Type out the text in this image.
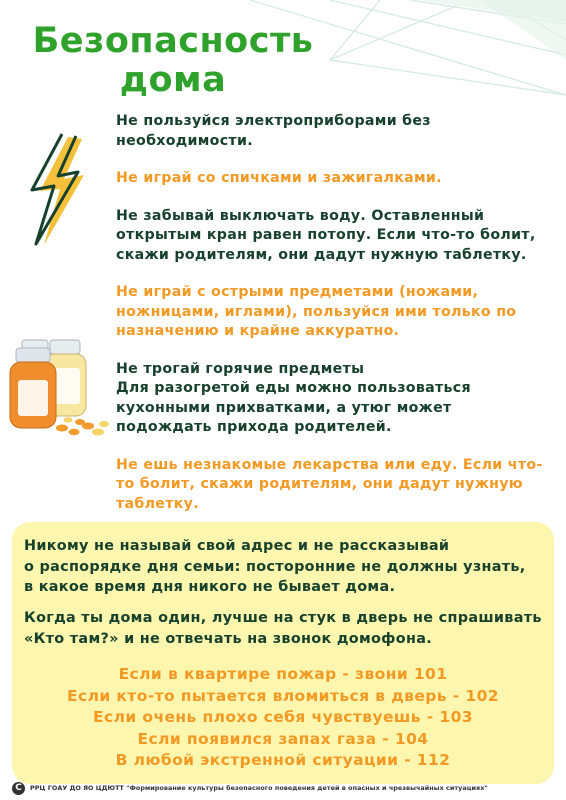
Безопасность
дома

Не пользуйся электроприборами без
необходимости.

Не играй со спичками и зажигалками.

Не забывай выключать воду. Оставленный
открытым кран равен потопу. Если что-то болит,
скажи родителям, они дадут нужную таблетку.

Не играй с острыми предметами (ножами,
ножницами, иглами), пользуйся ими только по
назначению и крайне аккуратно.

Не трогай горячие предметы
Для разогретой еды можно пользоваться
кухонными прихватками, а утюг может
подождать прихода родителей.

Не ешь незнакомые лекарства или еду. Если что-
то болит, скажи родителям, они дадут нужную
таблетку.

Никому не называй свой адрес и не рассказывай
о распорядке дня семьи: посторонние не должны узнать,
в какое время дня никого не бывает дома.

Когда ты дома один, лучше на стук в дверь не спрашивать
«Кто там?» и не отвечать на звонок домофона.

Если в квартире пожар - звони 101
Если кто-то пытается вломиться в дверь - 102
Если очень плохо себя чувствуешь - 103
Если появился запах газа - 104
В любой экстренной ситуации - 112
С	РРЦ ГОАУ ДО ЯО ЦДЮТТ "Формирование культуры безопасного поведения детей в опасных и чрезвычайных ситуациях"
